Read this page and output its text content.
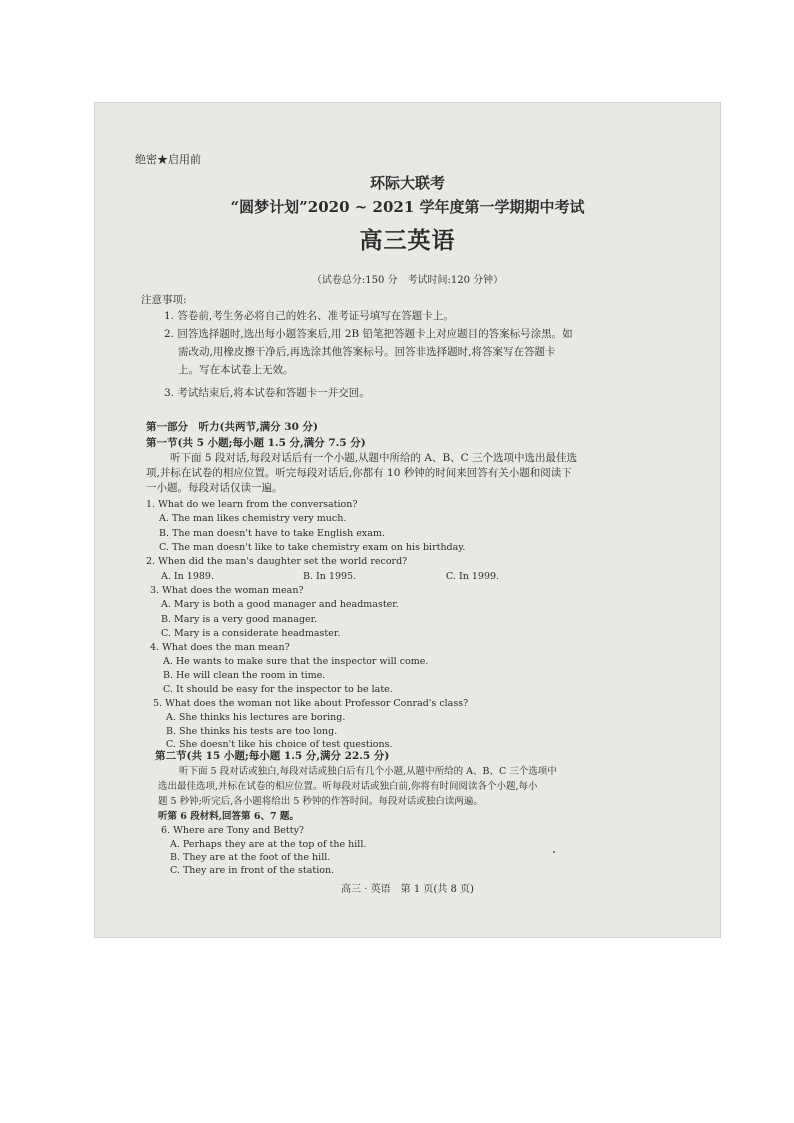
绝密★启用前
环际大联考
“圆梦计划”2020 ~ 2021 学年度第一学期期中考试
高三英语
（试卷总分:150 分　考试时间:120 分钟）
注意事项:
1. 答卷前,考生务必将自己的姓名、准考证号填写在答题卡上。
2. 回答选择题时,选出每小题答案后,用 2B 铅笔把答题卡上对应题目的答案标号涂黑。如
需改动,用橡皮擦干净后,再选涂其他答案标号。回答非选择题时,将答案写在答题卡
上。写在本试卷上无效。
3. 考试结束后,将本试卷和答题卡一并交回。
第一部分　听力(共两节,满分 30 分)
第一节(共 5 小题;每小题 1.5 分,满分 7.5 分)
听下面 5 段对话,每段对话后有一个小题,从题中所给的 A、B、C 三个选项中选出最佳选
项,并标在试卷的相应位置。听完每段对话后,你都有 10 秒钟的时间来回答有关小题和阅读下
一小题。每段对话仅读一遍。
1. What do we learn from the conversation?
A. The man likes chemistry very much.
B. The man doesn't have to take English exam.
C. The man doesn't like to take chemistry exam on his birthday.
2. When did the man's daughter set the world record?
A. In 1989.	B. In 1995.	C. In 1999.
3. What does the woman mean?
A. Mary is both a good manager and headmaster.
B. Mary is a very good manager.
C. Mary is a considerate headmaster.
4. What does the man mean?
A. He wants to make sure that the inspector will come.
B. He will clean the room in time.
C. It should be easy for the inspector to be late.
5. What does the woman not like about Professor Conrad's class?
A. She thinks his lectures are boring.
B. She thinks his tests are too long.
C. She doesn't like his choice of test questions.
第二节(共 15 小题;每小题 1.5 分,满分 22.5 分)
听下面 5 段对话或独白,每段对话或独白后有几个小题,从题中所给的 A、B、C 三个选项中
选出最佳选项,并标在试卷的相应位置。听每段对话或独白前,你将有时间阅读各个小题,每小
题 5 秒钟;听完后,各小题将给出 5 秒钟的作答时间。每段对话或独白读两遍。
听第 6 段材料,回答第 6、7 题。
6. Where are Tony and Betty?
A. Perhaps they are at the top of the hill.
B. They are at the foot of the hill.
C. They are in front of the station.
高三 · 英语　第 1 页(共 8 页)
